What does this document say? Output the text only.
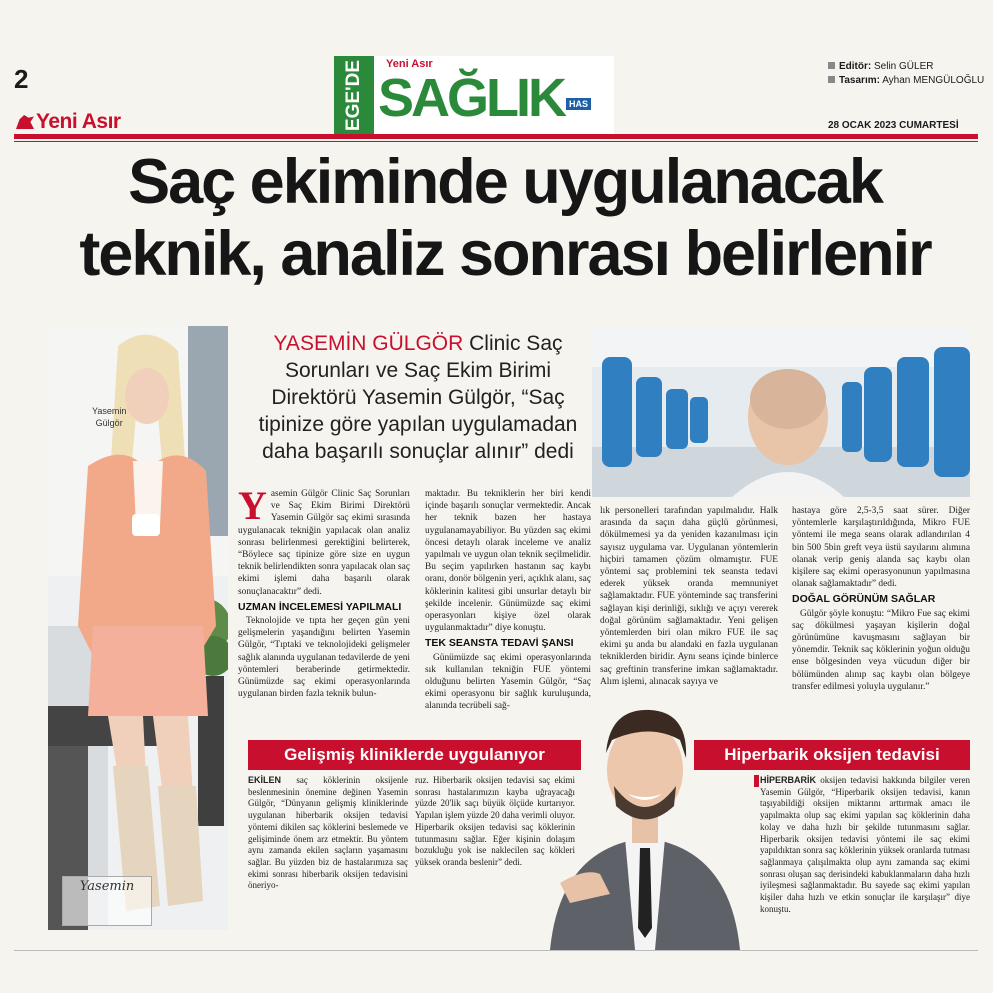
2
Yeni Asır	EGE'DE	Yeni Asır
SAĞLIK HAS
Editör: Selin GÜLER
Tasarım: Ayhan MENGÜLOĞLU
28 OCAK 2023 CUMARTESİ
Saç ekiminde uygulanacak
teknik, analiz sonrası belirlenir
Yasemin
Gülgör
Yasemin
YASEMİN GÜLGÖR Clinic Saç
Sorunları ve Saç Ekim Birimi
Direktörü Yasemin Gülgör, “Saç
tipinize göre yapılan uygulamadan
daha başarılı sonuçlar alınır” dedi
Y asemin Gülgör Clinic Saç Sorunları ve Saç Ekim Birimi Direktörü Yasemin Gülgör saç ekimi sırasında uygulanacak tekniğin yapılacak olan analiz sonrası belirlenmesi gerektiğini belirterek, “Böylece saç tipinize göre size en uygun teknik belirlendikten sonra yapılacak olan saç ekimi işlemi daha başarılı olarak sonuçlanacaktır” dedi.

UZMAN İNCELEMESİ YAPILMALI

Teknolojide ve tıpta her geçen gün yeni gelişmelerin yaşandığını belirten Yasemin Gülgör, “Tıptaki ve teknolojideki gelişmeler sağlık alanında uygulanan tedavilerde de yeni yöntemleri beraberinde getirmektedir. Günümüzde saç ekimi operasyonlarında uygulanan birden fazla teknik bulun-

maktadır. Bu tekniklerin her biri kendi içinde başarılı sonuçlar vermektedir. Ancak her teknik bazen her hastaya uygulanamayabiliyor. Bu yüzden saç ekimi öncesi detaylı olarak inceleme ve analiz yapılmalı ve uygun olan teknik seçilmelidir. Bu seçim yapılırken hastanın saç kaybı oranı, donör bölgenin yeri, açıklık alanı, saç köklerinin kalitesi gibi unsurlar detaylı bir şekilde incelenir. Günümüzde saç ekimi operasyonları kişiye özel olarak uygulanmaktadır” diye konuştu.

TEK SEANSTA TEDAVİ ŞANSI

Günümüzde saç ekimi operasyonlarında sık kullanılan tekniğin FUE yöntemi olduğunu belirten Yasemin Gülgör, “Saç ekimi operasyonu bir sağlık kuruluşunda, alanında tecrübeli sağ-

lık personelleri tarafından yapılmalıdır. Halk arasında da saçın daha güçlü görünmesi, dökülmemesi ya da yeniden kazanılması için sayısız uygulama var. Uygulanan yöntemlerin hiçbiri tamamen çözüm olmamıştır. FUE yöntemi saç problemini tek seansta tedavi ederek yüksek oranda memnuniyet sağlamaktadır. FUE yönteminde saç transferini sağlayan kişi derinliği, sıklığı ve açıyı vererek doğal görünüm sağlamaktadır. Yeni gelişen yöntemlerden biri olan mikro FUE ile saç ekimi şu anda bu alandaki en fazla uygulanan tekniklerden biridir. Aynı seans içinde binlerce saç greftinin transferine imkan sağlamaktadır. Alım işlemi, alınacak sayıya ve

hastaya göre 2,5-3,5 saat sürer. Diğer yöntemlerle karşılaştırıldığında, Mikro FUE yöntemi ile mega seans olarak adlandırılan 4 bin 500 5bin greft veya üstü sayılarını alımına olanak verip geniş alanda saç kaybı olan kişilere saç ekimi operasyonunun yapılmasına olanak sağlamaktadır” dedi.

DOĞAL GÖRÜNÜM SAĞLAR

Gülgör şöyle konuştu: “Mikro Fue saç ekimi saç dökülmesi yaşayan kişilerin doğal görünümüne kavuşmasını sağlayan bir yönemdir. Teknik saç köklerinin yoğun olduğu ense bölgesinden veya vücudun diğer bir bölümünden alınıp saç kaybı olan bölgeye transfer edilmesi yoluyla uygulanır.”

Gelişmiş kliniklerde uygulanıyor
EKİLEN saç köklerinin oksijenle beslenmesinin önemine değinen Yasemin Gülgör, “Dünyanın gelişmiş kliniklerinde uygulanan hiberbarik oksijen tedavisi yöntemi dikilen saç köklerini beslemede ve gelişiminde önem arz etmektir. Bu yöntem aynı zamanda ekilen saçların yaşamasını sağlar. Bu yüzden biz de hastalarımıza saç ekimi sonrası hiberbarik oksijen tedavisini öneriyo-
ruz. Hiberbarik oksijen tedavisi saç ekimi sonrası hastalarımızın kayba uğrayacağı yüzde 20'lik saçı büyük ölçüde kurtarıyor. Yapılan işlem yüzde 20 daha verimli oluyor. Hiperbarik oksijen tedavisi saç köklerinin tutunmasını sağlar. Eğer kişinin dolaşım bozukluğu yok ise naklecilen saç kökleri yüksek oranda beslenir” dedi.
Hiperbarik oksijen tedavisi
HİPERBARİK oksijen tedavisi hakkında bilgiler veren Yasemin Gülgör, “Hiperbarik oksijen tedavisi, kanın taşıyabildiği oksijen miktarını arttırmak amacı ile yapılmakta olup saç ekimi yapılan saç köklerinin daha kolay ve daha hızlı bir şekilde tutunmasını sağlar. Hiperbarik oksijen tedavisi yöntemi ile saç ekimi yapıldıktan sonra saç köklerinin yüksek oranlarda tutması sağlanmaya çalışılmakta olup aynı zamanda saç ekimi sonrası oluşan saç derisindeki kabuklanmaların daha hızlı iyileşmesi sağlanmaktadır. Bu sayede saç ekimi yapılan kişiler daha hızlı ve etkin sonuçlar ile karşılaşır” diye konuştu.
